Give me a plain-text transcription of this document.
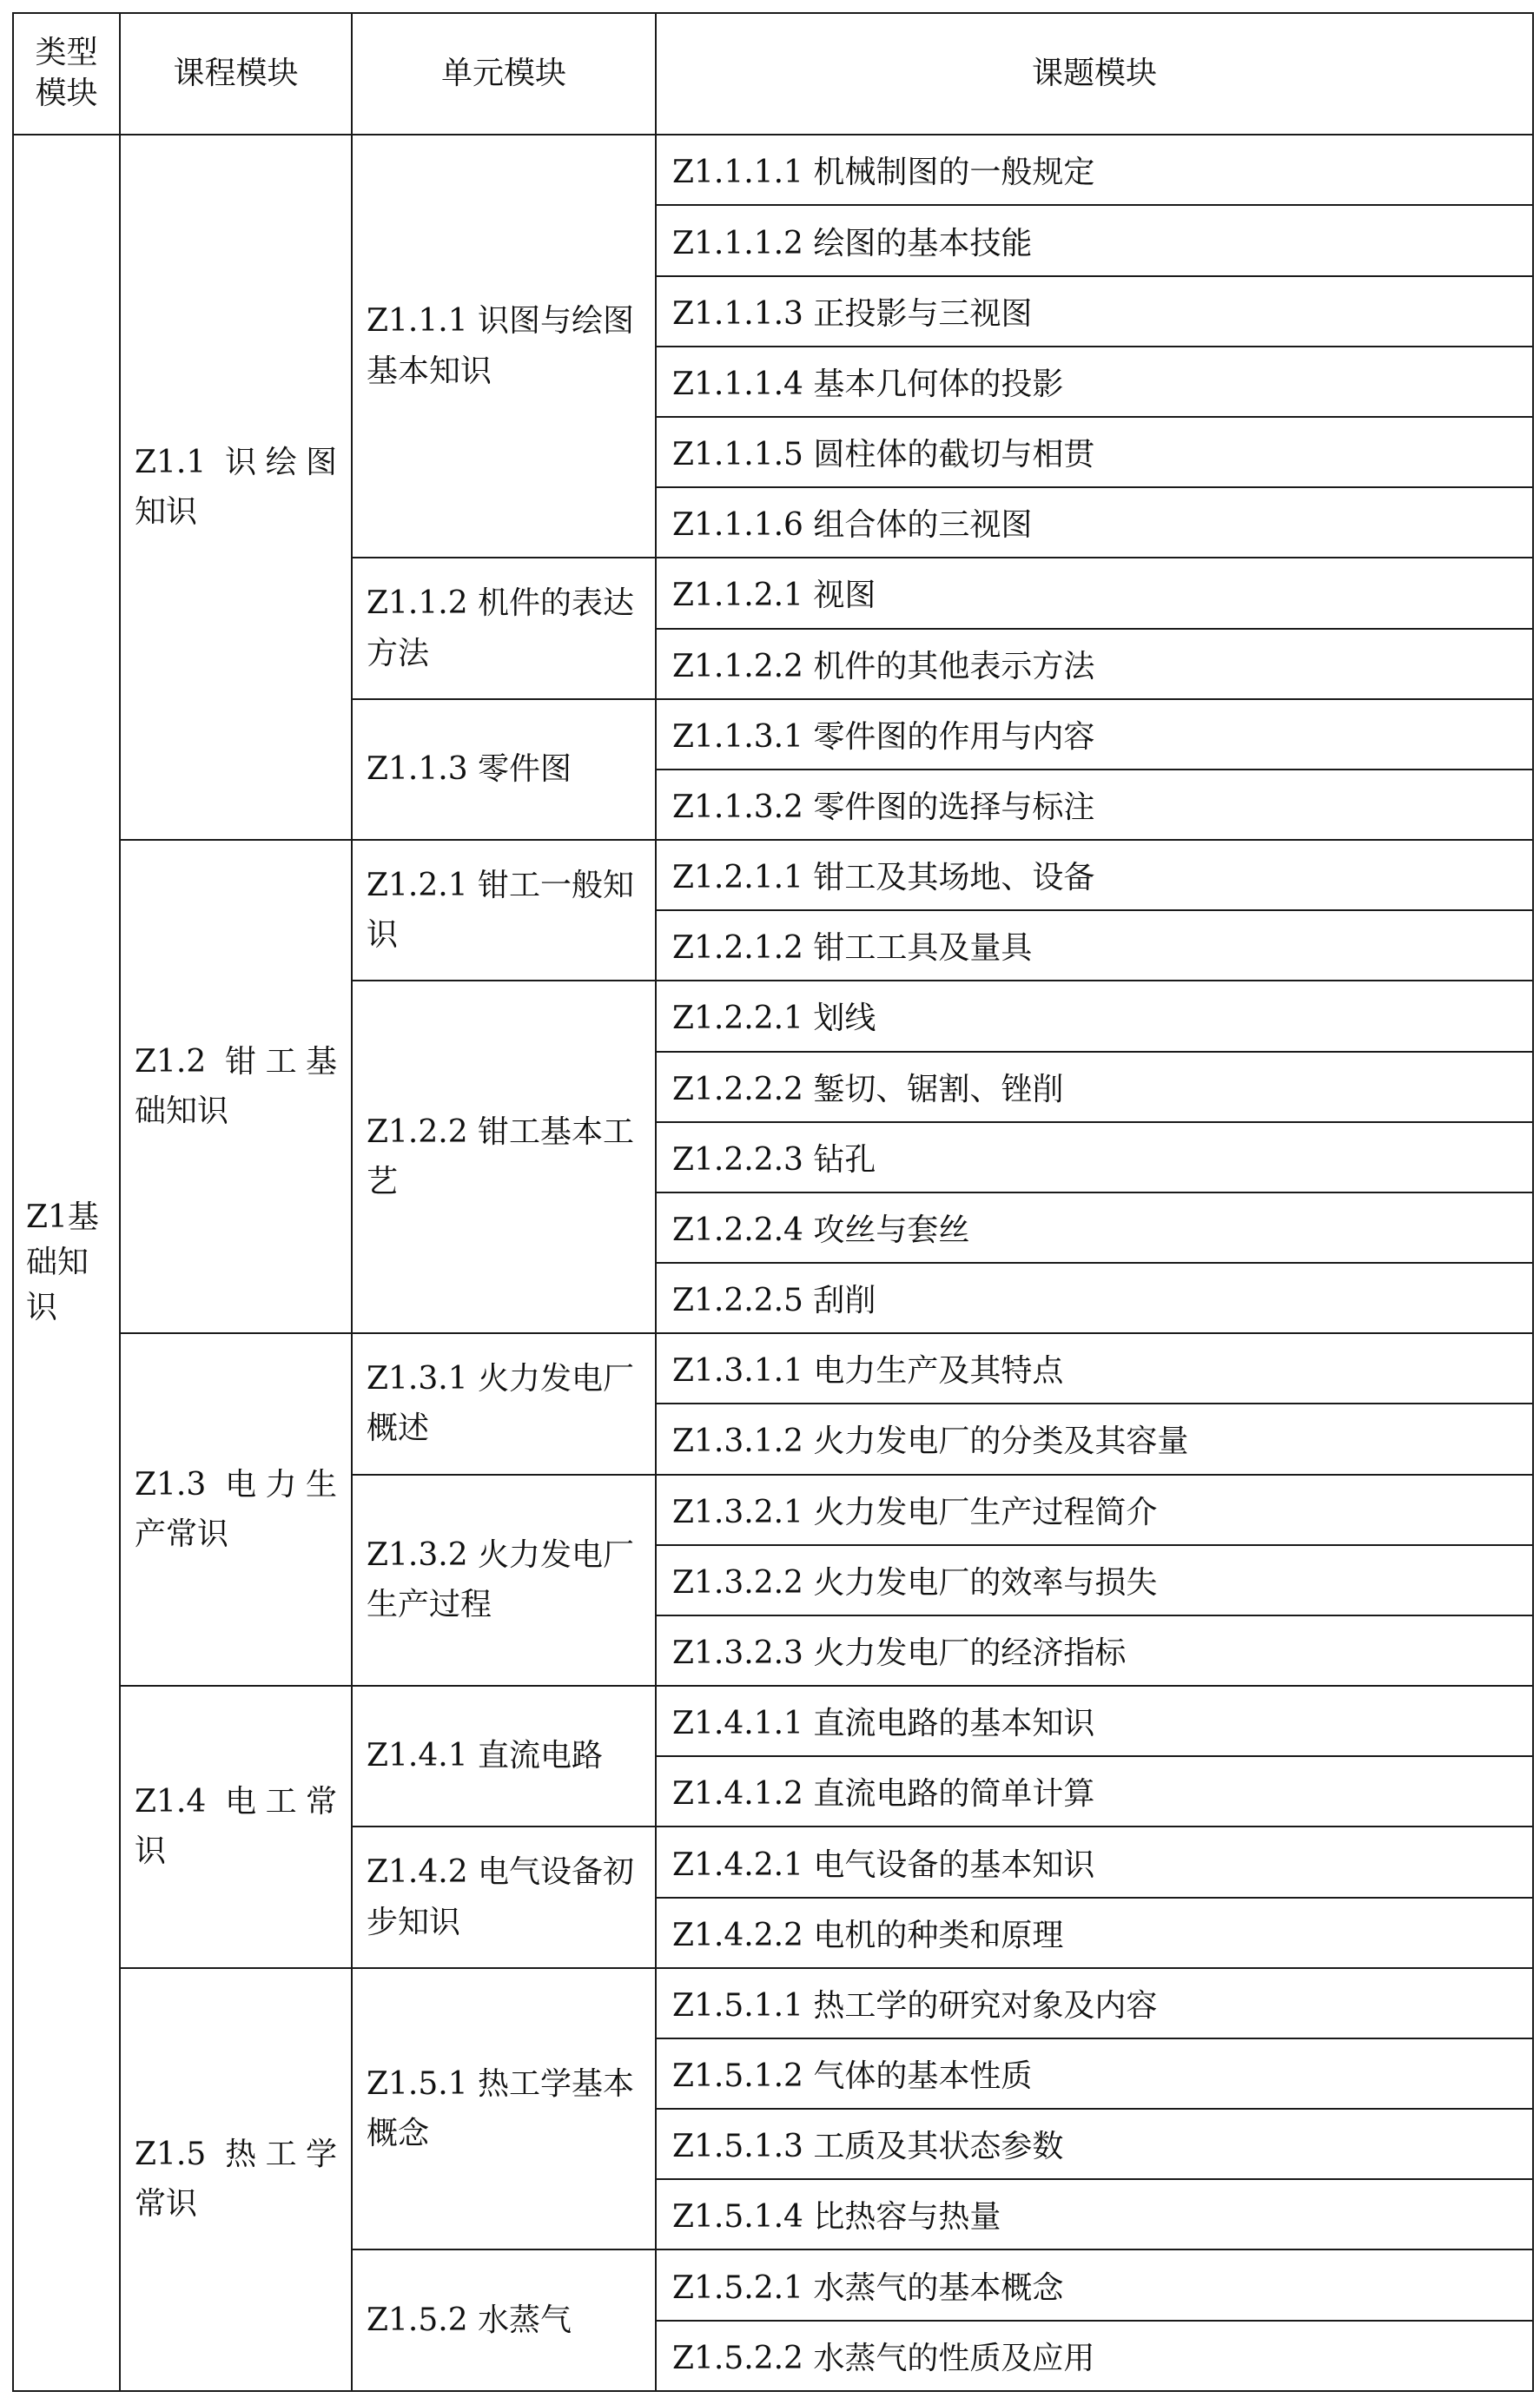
类型模块	课程模块	单元模块	课题模块
Z1基础知识	Z1.1 识绘图知识	Z1.1.1 识图与绘图基本知识	Z1.1.1.1 机械制图的一般规定
			Z1.1.1.2 绘图的基本技能
			Z1.1.1.3 正投影与三视图
			Z1.1.1.4 基本几何体的投影
			Z1.1.1.5 圆柱体的截切与相贯
			Z1.1.1.6 组合体的三视图
		Z1.1.2 机件的表达方法	Z1.1.2.1 视图
			Z1.1.2.2 机件的其他表示方法
		Z1.1.3 零件图	Z1.1.3.1 零件图的作用与内容
			Z1.1.3.2 零件图的选择与标注
	Z1.2 钳工基础知识	Z1.2.1 钳工一般知识	Z1.2.1.1 钳工及其场地、设备
			Z1.2.1.2 钳工工具及量具
		Z1.2.2 钳工基本工艺	Z1.2.2.1 划线
			Z1.2.2.2 錾切、锯割、锉削
			Z1.2.2.3 钻孔
			Z1.2.2.4 攻丝与套丝
			Z1.2.2.5 刮削
	Z1.3 电力生产常识	Z1.3.1 火力发电厂概述	Z1.3.1.1 电力生产及其特点
			Z1.3.1.2 火力发电厂的分类及其容量
		Z1.3.2 火力发电厂生产过程	Z1.3.2.1 火力发电厂生产过程简介
			Z1.3.2.2 火力发电厂的效率与损失
			Z1.3.2.3 火力发电厂的经济指标
	Z1.4 电工常识	Z1.4.1 直流电路	Z1.4.1.1 直流电路的基本知识
			Z1.4.1.2 直流电路的简单计算
		Z1.4.2 电气设备初步知识	Z1.4.2.1 电气设备的基本知识
			Z1.4.2.2 电机的种类和原理
	Z1.5 热工学常识	Z1.5.1 热工学基本概念	Z1.5.1.1 热工学的研究对象及内容
			Z1.5.1.2 气体的基本性质
			Z1.5.1.3 工质及其状态参数
			Z1.5.1.4 比热容与热量
		Z1.5.2 水蒸气	Z1.5.2.1 水蒸气的基本概念
			Z1.5.2.2 水蒸气的性质及应用
